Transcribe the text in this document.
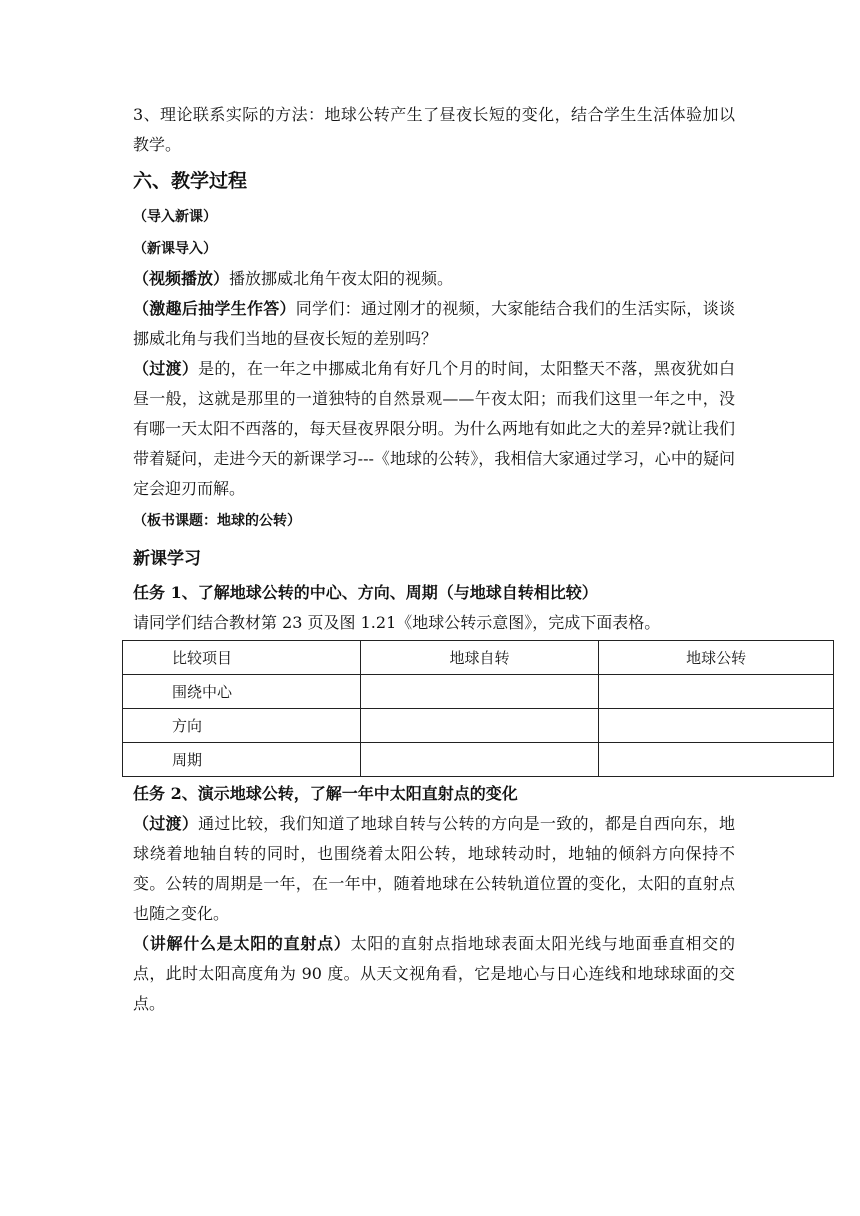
3、理论联系实际的方法：地球公转产生了昼夜长短的变化，结合学生生活体验加以教学。

六、教学过程
（导入新课）
（新课导入）

（视频播放）播放挪威北角午夜太阳的视频。

（激趣后抽学生作答）同学们：通过刚才的视频，大家能结合我们的生活实际，谈谈挪威北角与我们当地的昼夜长短的差别吗？

（过渡）是的，在一年之中挪威北角有好几个月的时间，太阳整天不落，黑夜犹如白昼一般，这就是那里的一道独特的自然景观——午夜太阳；而我们这里一年之中，没有哪一天太阳不西落的，每天昼夜界限分明。为什么两地有如此之大的差异?就让我们带着疑问，走进今天的新课学习---《地球的公转》，我相信大家通过学习，心中的疑问定会迎刃而解。

（板书课题：地球的公转）
新课学习
任务 1、了解地球公转的中心、方向、周期（与地球自转相比较）

请同学们结合教材第 23 页及图 1.21《地球公转示意图》，完成下面表格。

比较项目	地球自转	地球公转
围绕中心		
方向		
周期		
任务 2、演示地球公转，了解一年中太阳直射点的变化

（过渡）通过比较，我们知道了地球自转与公转的方向是一致的，都是自西向东，地球绕着地轴自转的同时，也围绕着太阳公转，地球转动时，地轴的倾斜方向保持不变。公转的周期是一年，在一年中，随着地球在公转轨道位置的变化，太阳的直射点也随之变化。

（讲解什么是太阳的直射点）太阳的直射点指地球表面太阳光线与地面垂直相交的点，此时太阳高度角为 90 度。从天文视角看，它是地心与日心连线和地球球面的交点。
